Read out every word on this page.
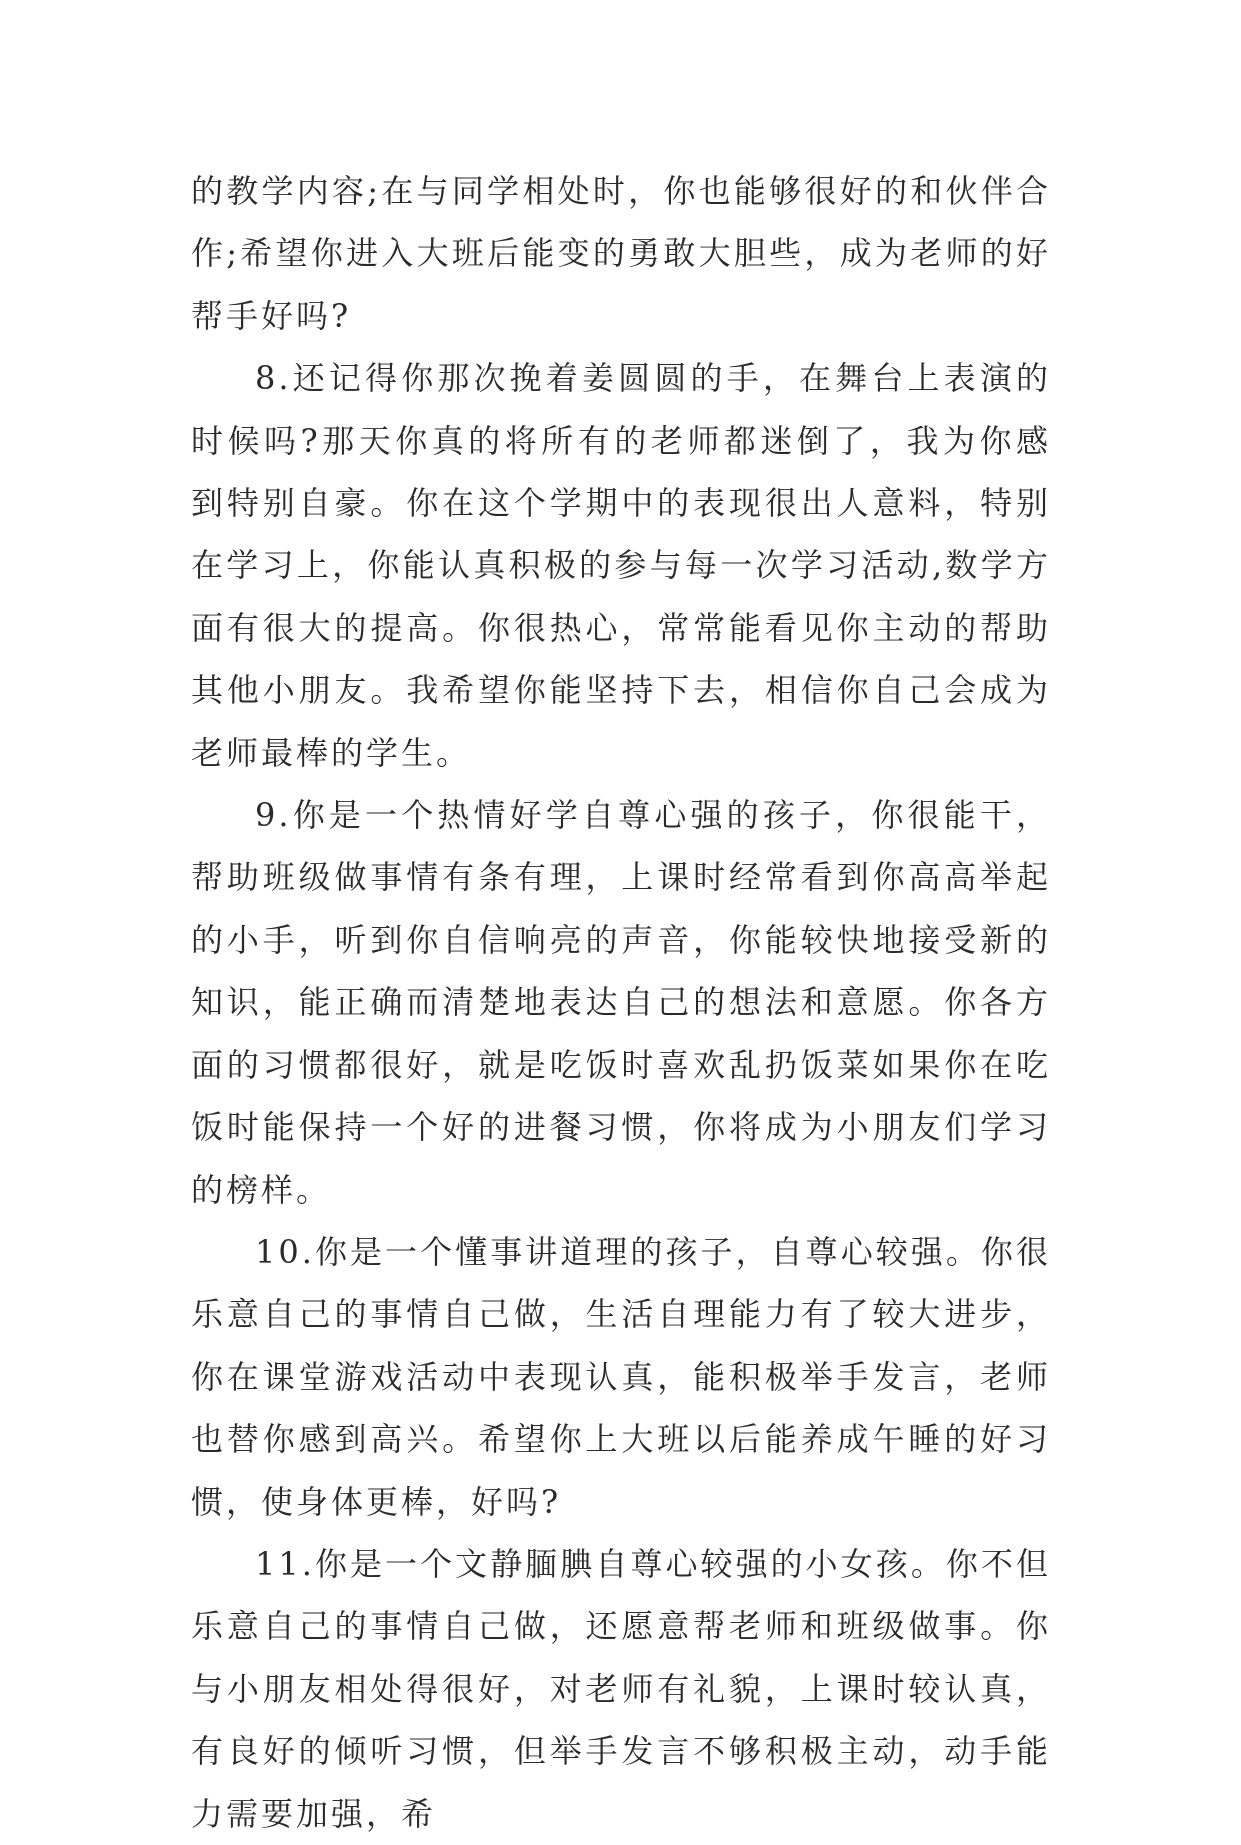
的教学内容;在与同学相处时，你也能够很好的和伙伴合作;希望你进入大班后能变的勇敢大胆些，成为老师的好帮手好吗?

8.还记得你那次挽着姜圆圆的手，在舞台上表演的时候吗?那天你真的将所有的老师都迷倒了，我为你感到特别自豪。你在这个学期中的表现很出人意料，特别在学习上，你能认真积极的参与每一次学习活动,数学方面有很大的提高。你很热心，常常能看见你主动的帮助其他小朋友。我希望你能坚持下去，相信你自己会成为老师最棒的学生。

9.你是一个热情好学自尊心强的孩子，你很能干，帮助班级做事情有条有理，上课时经常看到你高高举起的小手，听到你自信响亮的声音，你能较快地接受新的知识，能正确而清楚地表达自己的想法和意愿。你各方面的习惯都很好，就是吃饭时喜欢乱扔饭菜如果你在吃饭时能保持一个好的进餐习惯，你将成为小朋友们学习的榜样。

10.你是一个懂事讲道理的孩子，自尊心较强。你很乐意自己的事情自己做，生活自理能力有了较大进步，你在课堂游戏活动中表现认真，能积极举手发言，老师也替你感到高兴。希望你上大班以后能养成午睡的好习惯，使身体更棒，好吗?

11.你是一个文静腼腆自尊心较强的小女孩。你不但乐意自己的事情自己做，还愿意帮老师和班级做事。你与小朋友相处得很好，对老师有礼貌，上课时较认真，有良好的倾听习惯，但举手发言不够积极主动，动手能力需要加强，希
